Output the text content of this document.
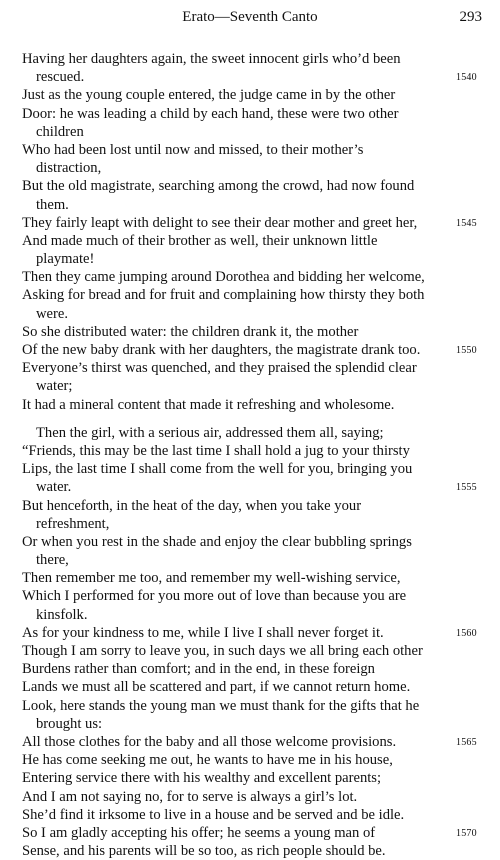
Erato—Seventh Canto	293
Having her daughters again, the sweet innocent girls who’d been
rescued.	1540
Just as the young couple entered, the judge came in by the other
Door: he was leading a child by each hand, these were two other
children
Who had been lost until now and missed, to their mother’s
distraction,
But the old magistrate, searching among the crowd, had now found
them.
They fairly leapt with delight to see their dear mother and greet her,	1545
And made much of their brother as well, their unknown little
playmate!
Then they came jumping around Dorothea and bidding her welcome,
Asking for bread and for fruit and complaining how thirsty they both
were.
So she distributed water: the children drank it, the mother
Of the new baby drank with her daughters, the magistrate drank too.	1550
Everyone’s thirst was quenched, and they praised the splendid clear
water;
It had a mineral content that made it refreshing and wholesome.
Then the girl, with a serious air, addressed them all, saying;
“Friends, this may be the last time I shall hold a jug to your thirsty
Lips, the last time I shall come from the well for you, bringing you
water.	1555
But henceforth, in the heat of the day, when you take your
refreshment,
Or when you rest in the shade and enjoy the clear bubbling springs
there,
Then remember me too, and remember my well-wishing service,
Which I performed for you more out of love than because you are
kinsfolk.
As for your kindness to me, while I live I shall never forget it.	1560
Though I am sorry to leave you, in such days we all bring each other
Burdens rather than comfort; and in the end, in these foreign
Lands we must all be scattered and part, if we cannot return home.
Look, here stands the young man we must thank for the gifts that he
brought us:
All those clothes for the baby and all those welcome provisions.	1565
He has come seeking me out, he wants to have me in his house,
Entering service there with his wealthy and excellent parents;
And I am not saying no, for to serve is always a girl’s lot.
She’d find it irksome to live in a house and be served and be idle.
So I am gladly accepting his offer; he seems a young man of	1570
Sense, and his parents will be so too, as rich people should be.
